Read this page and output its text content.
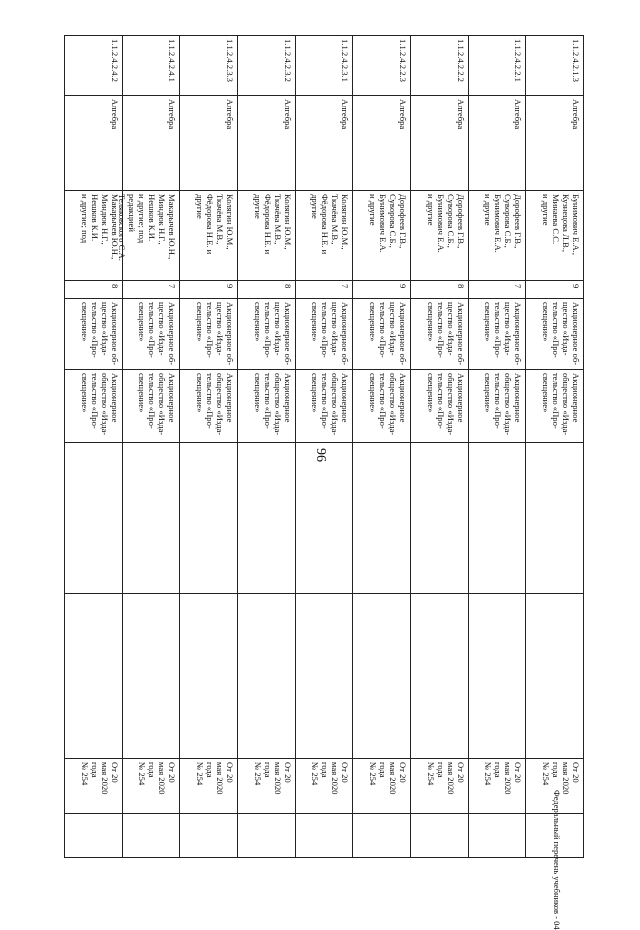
96
Федеральный перечень учебников - 04
1.1.2.4.2.1.3
Алгебра
Бунимович Е.А.,
Кузнецова Л.В.,
Минаева С.С.
и другие
9
Акционерное об-
щество «Изда-
тельство «Про-
свещение»
Акционерное
общество «Изда-
тельство «Про-
свещение»
От 20
мая 2020
года
№ 254
1.1.2.4.2.2.1
Алгебра
Дорофеев Г.В.,
Суворова С.Б.,
Бунимович Е.А.
и другие
7
Акционерное об-
щество «Изда-
тельство «Про-
свещение»
Акционерное
общество «Изда-
тельство «Про-
свещение»
От 20
мая 2020
года
№ 254
1.1.2.4.2.2.2
Алгебра
Дорофеев Г.В.,
Суворова С.Б.,
Бунимович Е.А.
и другие
8
Акционерное об-
щество «Изда-
тельство «Про-
свещение»
Акционерное
общество «Изда-
тельство «Про-
свещение»
От 20
мая 2020
года
№ 254
1.1.2.4.2.2.3
Алгебра
Дорофеев Г.В.,
Суворова С.Б.,
Бунимович Е.А.
и другие
9
Акционерное об-
щество «Изда-
тельство «Про-
свещение»
Акционерное
общество «Изда-
тельство «Про-
свещение»
От 20
мая 2020
года
№ 254
1.1.2.4.2.3.1
Алгебра
Колягин Ю.М.,
Ткачёва М.В.,
Фёдорова Н.Е. и
другие
7
Акционерное об-
щество «Изда-
тельство «Про-
свещение»
Акционерное
общество «Изда-
тельство «Про-
свещение»
От 20
мая 2020
года
№ 254
1.1.2.4.2.3.2
Алгебра
Колягин Ю.М.,
Ткачёва М.В.,
Фёдорова Н.Е. и
другие
8
Акционерное об-
щество «Изда-
тельство «Про-
свещение»
Акционерное
общество «Изда-
тельство «Про-
свещение»
От 20
мая 2020
года
№ 254
1.1.2.4.2.3.3
Алгебра
Колягин Ю.М.,
Ткачёва М.В.,
Фёдорова Н.Е. и
другие
9
Акционерное об-
щество «Изда-
тельство «Про-
свещение»
Акционерное
общество «Изда-
тельство «Про-
свещение»
От 20
мая 2020
года
№ 254
1.1.2.4.2.4.1
Алгебра
Макарычев Ю.Н.,
Миндюк Н.Г.,
Нешков К.И.
и другие; под
редакцией
Теляковского С.А.
7
Акционерное об-
щество «Изда-
тельство «Про-
свещение»
Акционерное
общество «Изда-
тельство «Про-
свещение»
От 20
мая 2020
года
№ 254
1.1.2.4.2.4.2
Алгебра
Макарычев Ю.Н.,
Миндюк Н.Г.,
Нешков К.И.
и другие; под
8
Акционерное об-
щество «Изда-
тельство «Про-
свещение»
Акционерное
общество «Изда-
тельство «Про-
свещение»
От 20
мая 2020
года
№ 254
